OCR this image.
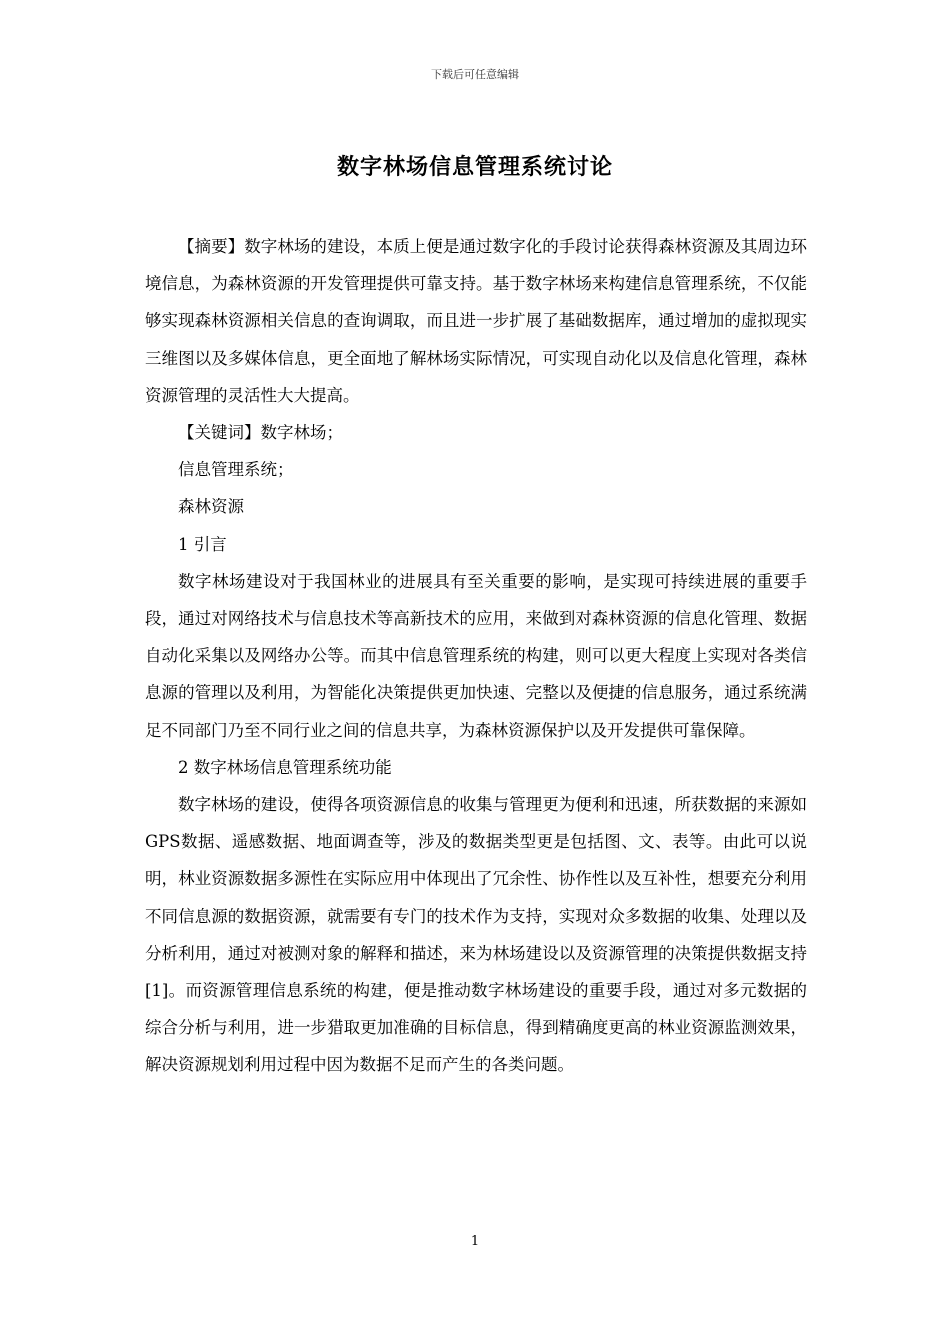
下载后可任意编辑
数字林场信息管理系统讨论

【摘要】数字林场的建设，本质上便是通过数字化的手段讨论获得森林资源及其周边环境信息，为森林资源的开发管理提供可靠支持。基于数字林场来构建信息管理系统，不仅能够实现森林资源相关信息的查询调取，而且进一步扩展了基础数据库，通过增加的虚拟现实三维图以及多媒体信息，更全面地了解林场实际情况，可实现自动化以及信息化管理，森林资源管理的灵活性大大提高。

【关键词】数字林场；

信息管理系统；

森林资源

1 引言

数字林场建设对于我国林业的进展具有至关重要的影响，是实现可持续进展的重要手段，通过对网络技术与信息技术等高新技术的应用，来做到对森林资源的信息化管理、数据自动化采集以及网络办公等。而其中信息管理系统的构建，则可以更大程度上实现对各类信息源的管理以及利用，为智能化决策提供更加快速、完整以及便捷的信息服务，通过系统满足不同部门乃至不同行业之间的信息共享，为森林资源保护以及开发提供可靠保障。

2 数字林场信息管理系统功能

数字林场的建设，使得各项资源信息的收集与管理更为便利和迅速，所获数据的来源如GPS数据、遥感数据、地面调查等，涉及的数据类型更是包括图、文、表等。由此可以说明，林业资源数据多源性在实际应用中体现出了冗余性、协作性以及互补性，想要充分利用不同信息源的数据资源，就需要有专门的技术作为支持，实现对众多数据的收集、处理以及分析利用，通过对被测对象的解释和描述，来为林场建设以及资源管理的决策提供数据支持[1]。而资源管理信息系统的构建，便是推动数字林场建设的重要手段，通过对多元数据的综合分析与利用，进一步猎取更加准确的目标信息，得到精确度更高的林业资源监测效果，解决资源规划利用过程中因为数据不足而产生的各类问题。

1
